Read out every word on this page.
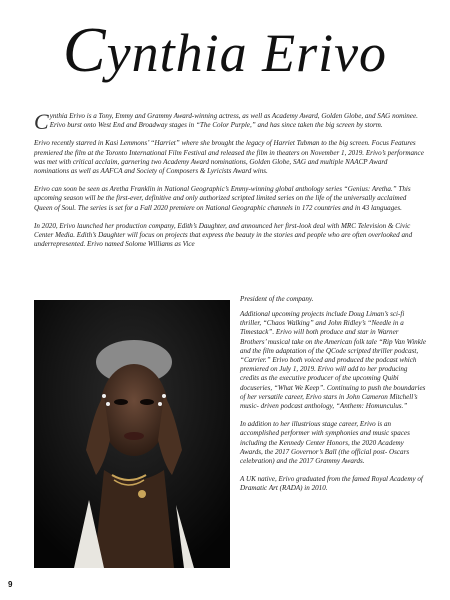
Cynthia Erivo

Cynthia Erivo is a Tony, Emmy and Grammy Award-winning actress, as well as Academy Award, Golden Globe, and SAG nominee. Erivo burst onto West End and Broadway stages in “The Color Purple,” and has since taken the big screen by storm.

Erivo recently starred in Kasi Lemmons’ “Harriet” where she brought the legacy of Harriet Tubman to the big screen. Focus Features premiered the film at the Toronto International Film Festival and released the film in theaters on November 1, 2019. Erivo’s performance was met with critical acclaim, garnering two Academy Award nominations, Golden Globe, SAG and multiple NAACP Award nominations as well as AAFCA and Society of Composers & Lyricists Award wins.

Erivo can soon be seen as Aretha Franklin in National Geographic’s Emmy-winning global anthology series “Genius: Aretha.” This upcoming season will be the first-ever, definitive and only authorized scripted limited series on the life of the universally acclaimed Queen of Soul. The series is set for a Fall 2020 premiere on National Geographic channels in 172 countries and in 43 languages.

In 2020, Erivo launched her production company, Edith’s Daughter, and announced her first-look deal with MRC Television & Civic Center Media. Edith’s Daughter will focus on projects that express the beauty in the stories and people who are often overlooked and underrepresented. Erivo named Solome Williams as Vice

President of the company.

Additional upcoming projects include Doug Liman’s sci-fi thriller, “Chaos Walking” and John Ridley’s “Needle in a Timestack”. Erivo will both produce and star in Warner Brothers’ musical take on the American folk tale “Rip Van Winkle and the film adaptation of the QCode scripted thriller podcast, “Carrier.” Erivo both voiced and produced the podcast which premiered on July 1, 2019. Erivo will add to her producing credits as the executive producer of the upcoming Quibi docuseries, “What We Keep”. Continuing to push the boundaries of her versatile career, Erivo stars in John Cameron Mitchell’s music- driven podcast anthology, “Anthem: Homunculus.”

In addition to her illustrious stage career, Erivo is an accomplished performer with symphonies and music spaces including the Kennedy Center Honors, the 2020 Academy Awards, the 2017 Governor’s Ball (the official post- Oscars celebration) and the 2017 Grammy Awards.

A UK native, Erivo graduated from the famed Royal Academy of Dramatic Art (RADA) in 2010.

9
